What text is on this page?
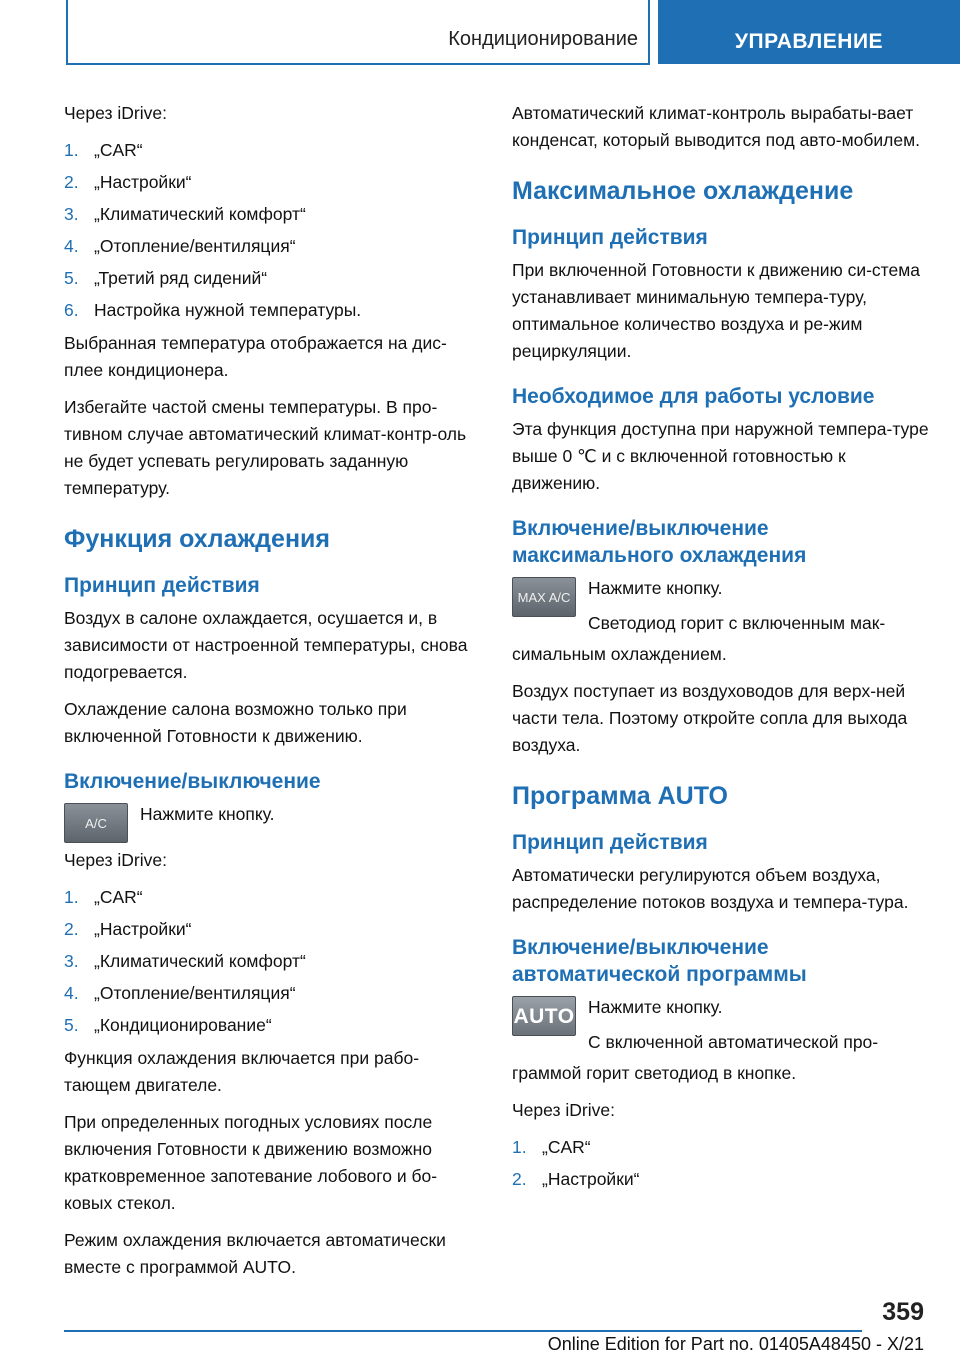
Кондиционирование	УПРАВЛЕНИЕ

Через iDrive:

1. „CAR“
2. „Настройки“
3. „Климатический комфорт“
4. „Отопление/вентиляция“
5. „Третий ряд сидений“
6. Настройка нужной температуры.

Выбранная температура отображается на дис-плее кондиционера.

Избегайте частой смены температуры. В про-тивном случае автоматический климат-контр-оль не будет успевать регулировать заданную температуру.

Функция охлаждения
Принцип действия

Воздух в салоне охлаждается, осушается и, в зависимости от настроенной температуры, снова подогревается.

Охлаждение салона возможно только при включенной Готовности к движению.

Включение/выключение
A/C	Нажмите кнопку.

Через iDrive:

1. „CAR“
2. „Настройки“
3. „Климатический комфорт“
4. „Отопление/вентиляция“
5. „Кондиционирование“

Функция охлаждения включается при рабо-тающем двигателе.

При определенных погодных условиях после включения Готовности к движению возможно кратковременное запотевание лобового и бо-ковых стекол.

Режим охлаждения включается автоматически вместе с программой AUTO.

Автоматический климат-контроль вырабаты-вает конденсат, который выводится под авто-мобилем.

Максимальное охлаждение
Принцип действия

При включенной Готовности к движению си-стема устанавливает минимальную темпера-туру, оптимальное количество воздуха и ре-жим рециркуляции.

Необходимое для работы условие

Эта функция доступна при наружной темпера-туре выше 0 ℃ и с включенной готовностью к движению.

Включение/выключение максимального охлаждения
MAX A/C	Нажмите кнопку.

Светодиод горит с включенным мак-

симальным охлаждением.

Воздух поступает из воздуховодов для верх-ней части тела. Поэтому откройте сопла для выхода воздуха.

Программа AUTO
Принцип действия

Автоматически регулируются объем воздуха, распределение потоков воздуха и темпера-тура.

Включение/выключение автоматической программы
AUTO Нажмите кнопку.

С включенной автоматической про-

граммой горит светодиод в кнопке.

Через iDrive:

1. „CAR“
2. „Настройки“
359
Online Edition for Part no. 01405A48450 - X/21
